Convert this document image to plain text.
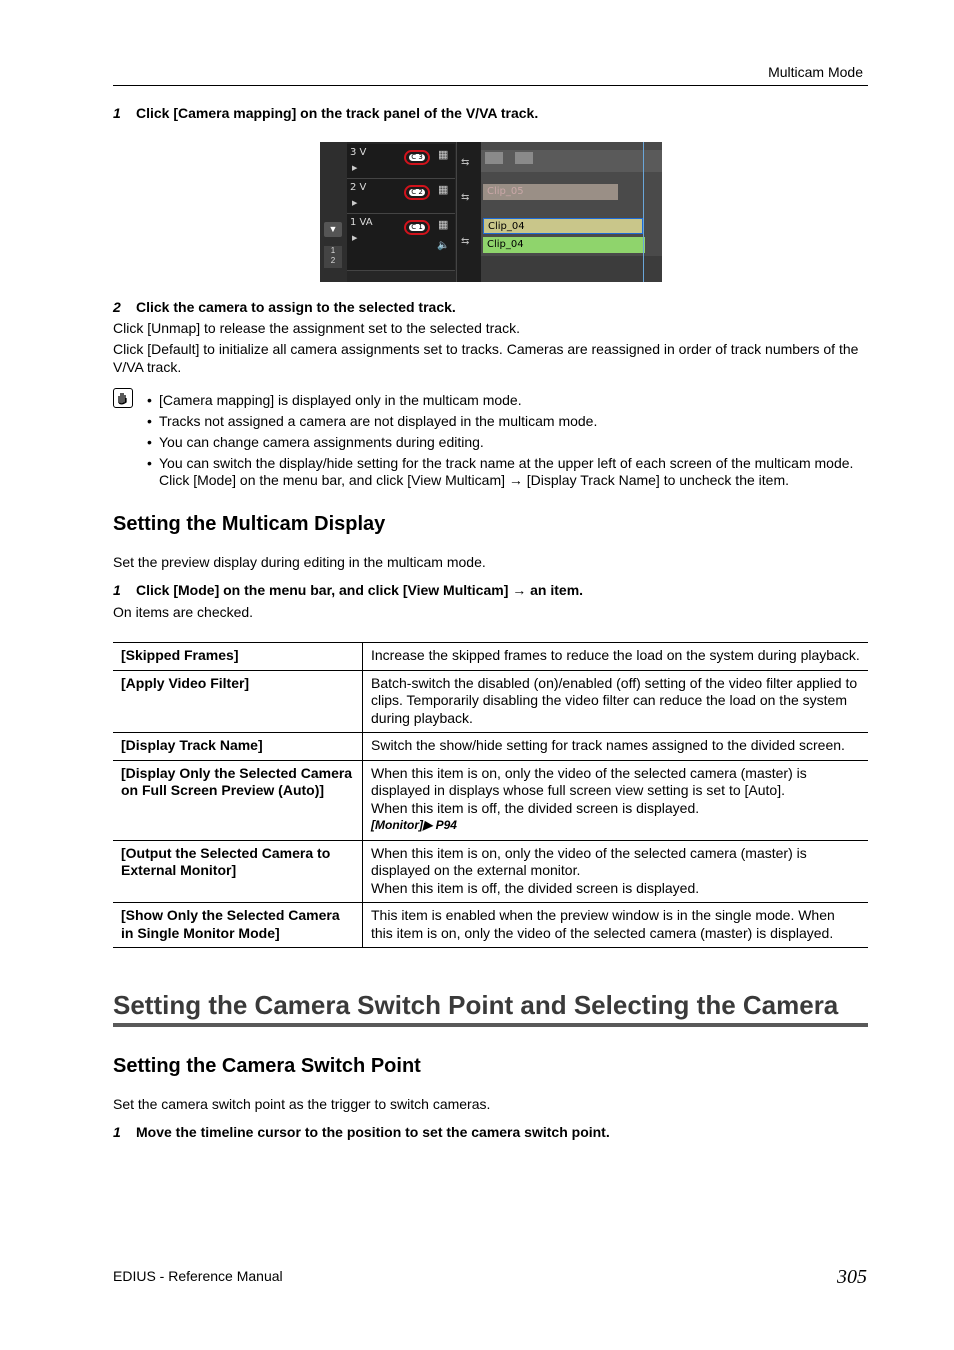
Multicam Mode
1 Click [Camera mapping] on the track panel of the V/VA track.
▼
1
2
3 V
▶
C 3 ▦
2 V
▶
C 2 ▦
1 VA
▶
C 1 ▦
🔈
⇆
⇆
⇆
Clip_05
Clip_04
Clip_04
2 Click the camera to assign to the selected track.
Click [Unmap] to release the assignment set to the selected track.
Click [Default] to initialize all camera assignments set to tracks. Cameras are reassigned in order of track numbers of the V/VA track.
• [Camera mapping] is displayed only in the multicam mode.
• Tracks not assigned a camera are not displayed in the multicam mode.
• You can change camera assignments during editing.
• You can switch the display/hide setting for the track name at the upper left of each screen of the multicam mode. Click [Mode] on the menu bar, and click [View Multicam] → [Display Track Name] to uncheck the item.
Setting the Multicam Display
Set the preview display during editing in the multicam mode.
1 Click [Mode] on the menu bar, and click [View Multicam] → an item.
On items are checked.
[Skipped Frames]	Increase the skipped frames to reduce the load on the system during playback.
[Apply Video Filter]	Batch-switch the disabled (on)/enabled (off) setting of the video filter applied to clips. Temporarily disabling the video filter can reduce the load on the system during playback.
[Display Track Name]	Switch the show/hide setting for track names assigned to the divided screen.
[Display Only the Selected Camera on Full Screen Preview (Auto)]	When this item is on, only the video of the selected camera (master) is displayed in displays whose full screen view setting is set to [Auto].
When this item is off, the divided screen is displayed.
[Monitor]▶ P94

[Output the Selected Camera to External Monitor]	When this item is on, only the video of the selected camera (master) is displayed on the external monitor.
When this item is off, the divided screen is displayed.

[Show Only the Selected Camera in Single Monitor Mode]	This item is enabled when the preview window is in the single mode. When this item is on, only the video of the selected camera (master) is displayed.
Setting the Camera Switch Point and Selecting the Camera
Setting the Camera Switch Point
Set the camera switch point as the trigger to switch cameras.
1 Move the timeline cursor to the position to set the camera switch point.
EDIUS - Reference Manual	305
